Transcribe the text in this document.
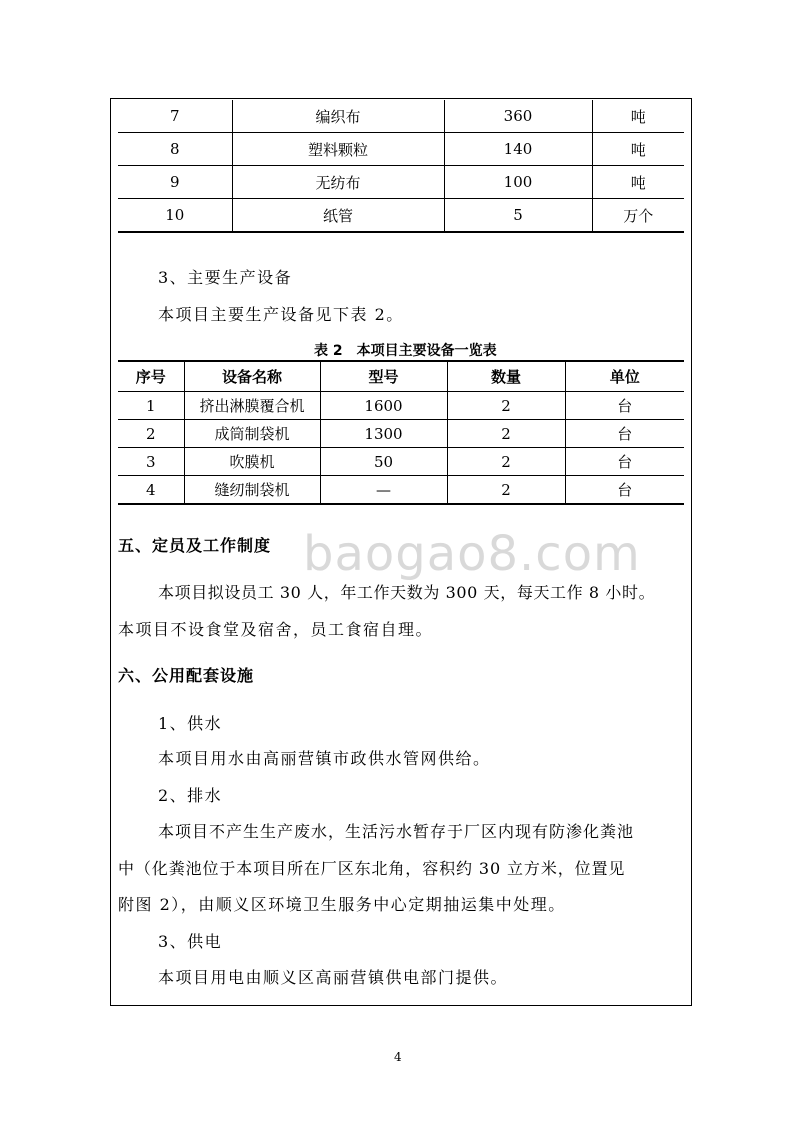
7	编织布	360	吨
8	塑料颗粒	140	吨
9	无纺布	100	吨
10	纸管	5	万个
3、主要生产设备
本项目主要生产设备见下表 2。
表 2　本项目主要设备一览表
序号	设备名称	型号	数量	单位
1	挤出淋膜覆合机	1600	2	台
2	成筒制袋机	1300	2	台
3	吹膜机	50	2	台
4	缝纫制袋机	—	2	台
baogao8.com
五、定员及工作制度
本项目拟设员工 30 人，年工作天数为 300 天，每天工作 8 小时。
本项目不设食堂及宿舍，员工食宿自理。
六、公用配套设施
1、供水
本项目用水由高丽营镇市政供水管网供给。
2、排水
本项目不产生生产废水，生活污水暂存于厂区内现有防渗化粪池
中（化粪池位于本项目所在厂区东北角，容积约 30 立方米，位置见
附图 2），由顺义区环境卫生服务中心定期抽运集中处理。
3、供电
本项目用电由顺义区高丽营镇供电部门提供。
4
